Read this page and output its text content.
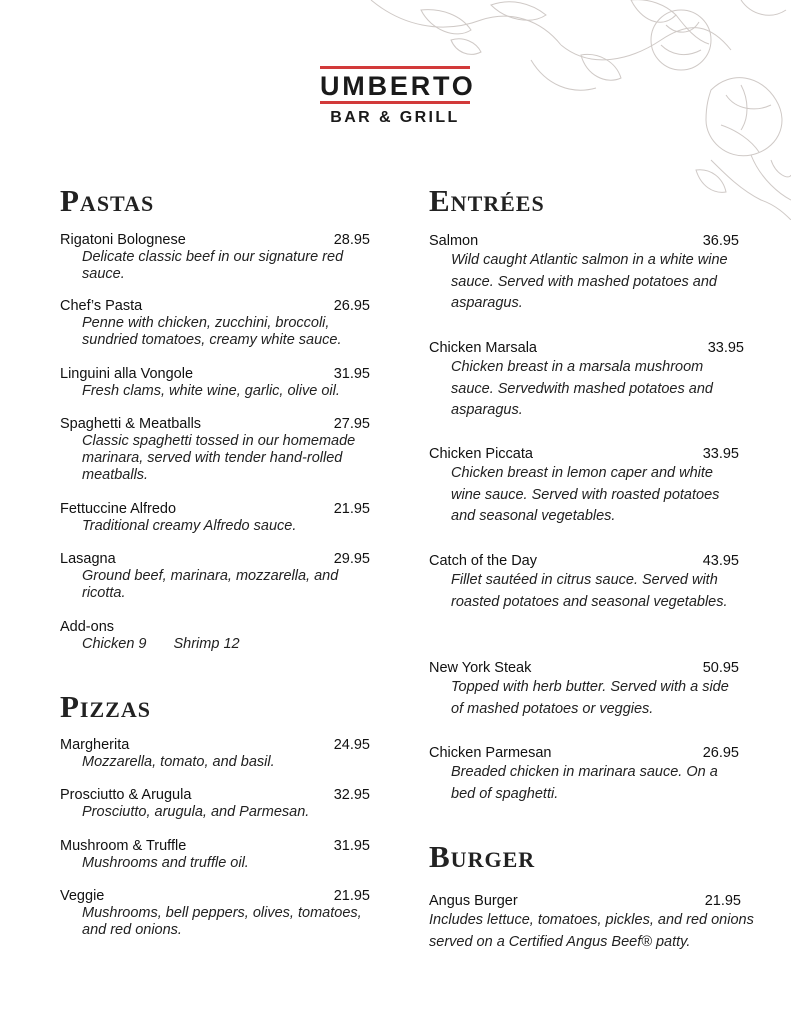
UMBERTO
BAR & GRILL
Pastas
Rigatoni Bolognese	28.95
Delicate classic beef in our signature red sauce.
Chef’s Pasta	26.95
Penne with chicken, zucchini, broccoli, sundried tomatoes, creamy white sauce.
Linguini alla Vongole	31.95
Fresh clams, white wine, garlic, olive oil.
Spaghetti & Meatballs	27.95
Classic spaghetti tossed in our homemade marinara, served with tender hand-rolled meatballs.
Fettuccine Alfredo	21.95
Traditional creamy Alfredo sauce.
Lasagna	29.95
Ground beef, marinara, mozzarella, and ricotta.
Add-ons
Chicken 9 Shrimp 12
Pizzas
Margherita	24.95
Mozzarella, tomato, and basil.
Prosciutto & Arugula	32.95
Prosciutto, arugula, and Parmesan.
Mushroom & Truffle	31.95
Mushrooms and truffle oil.
Veggie	21.95
Mushrooms, bell peppers, olives, tomatoes, and red onions.
Entrées
Salmon	36.95
Wild caught Atlantic salmon in a white wine sauce. Served with mashed potatoes and asparagus.
Chicken Marsala	33.95
Chicken breast in a marsala mushroom sauce. Servedwith mashed potatoes and asparagus.
Chicken Piccata	33.95
Chicken breast in lemon caper and white wine sauce. Served with roasted potatoes and seasonal vegetables.
Catch of the Day	43.95
Fillet sautéed in citrus sauce. Served with roasted potatoes and seasonal vegetables.
New York Steak	50.95
Topped with herb butter. Served with a side of mashed potatoes or veggies.
Chicken Parmesan	26.95
Breaded chicken in marinara sauce. On a bed of spaghetti.
Burger
Angus Burger	21.95
Includes lettuce, tomatoes, pickles, and red onions served on a Certified Angus Beef® patty.
